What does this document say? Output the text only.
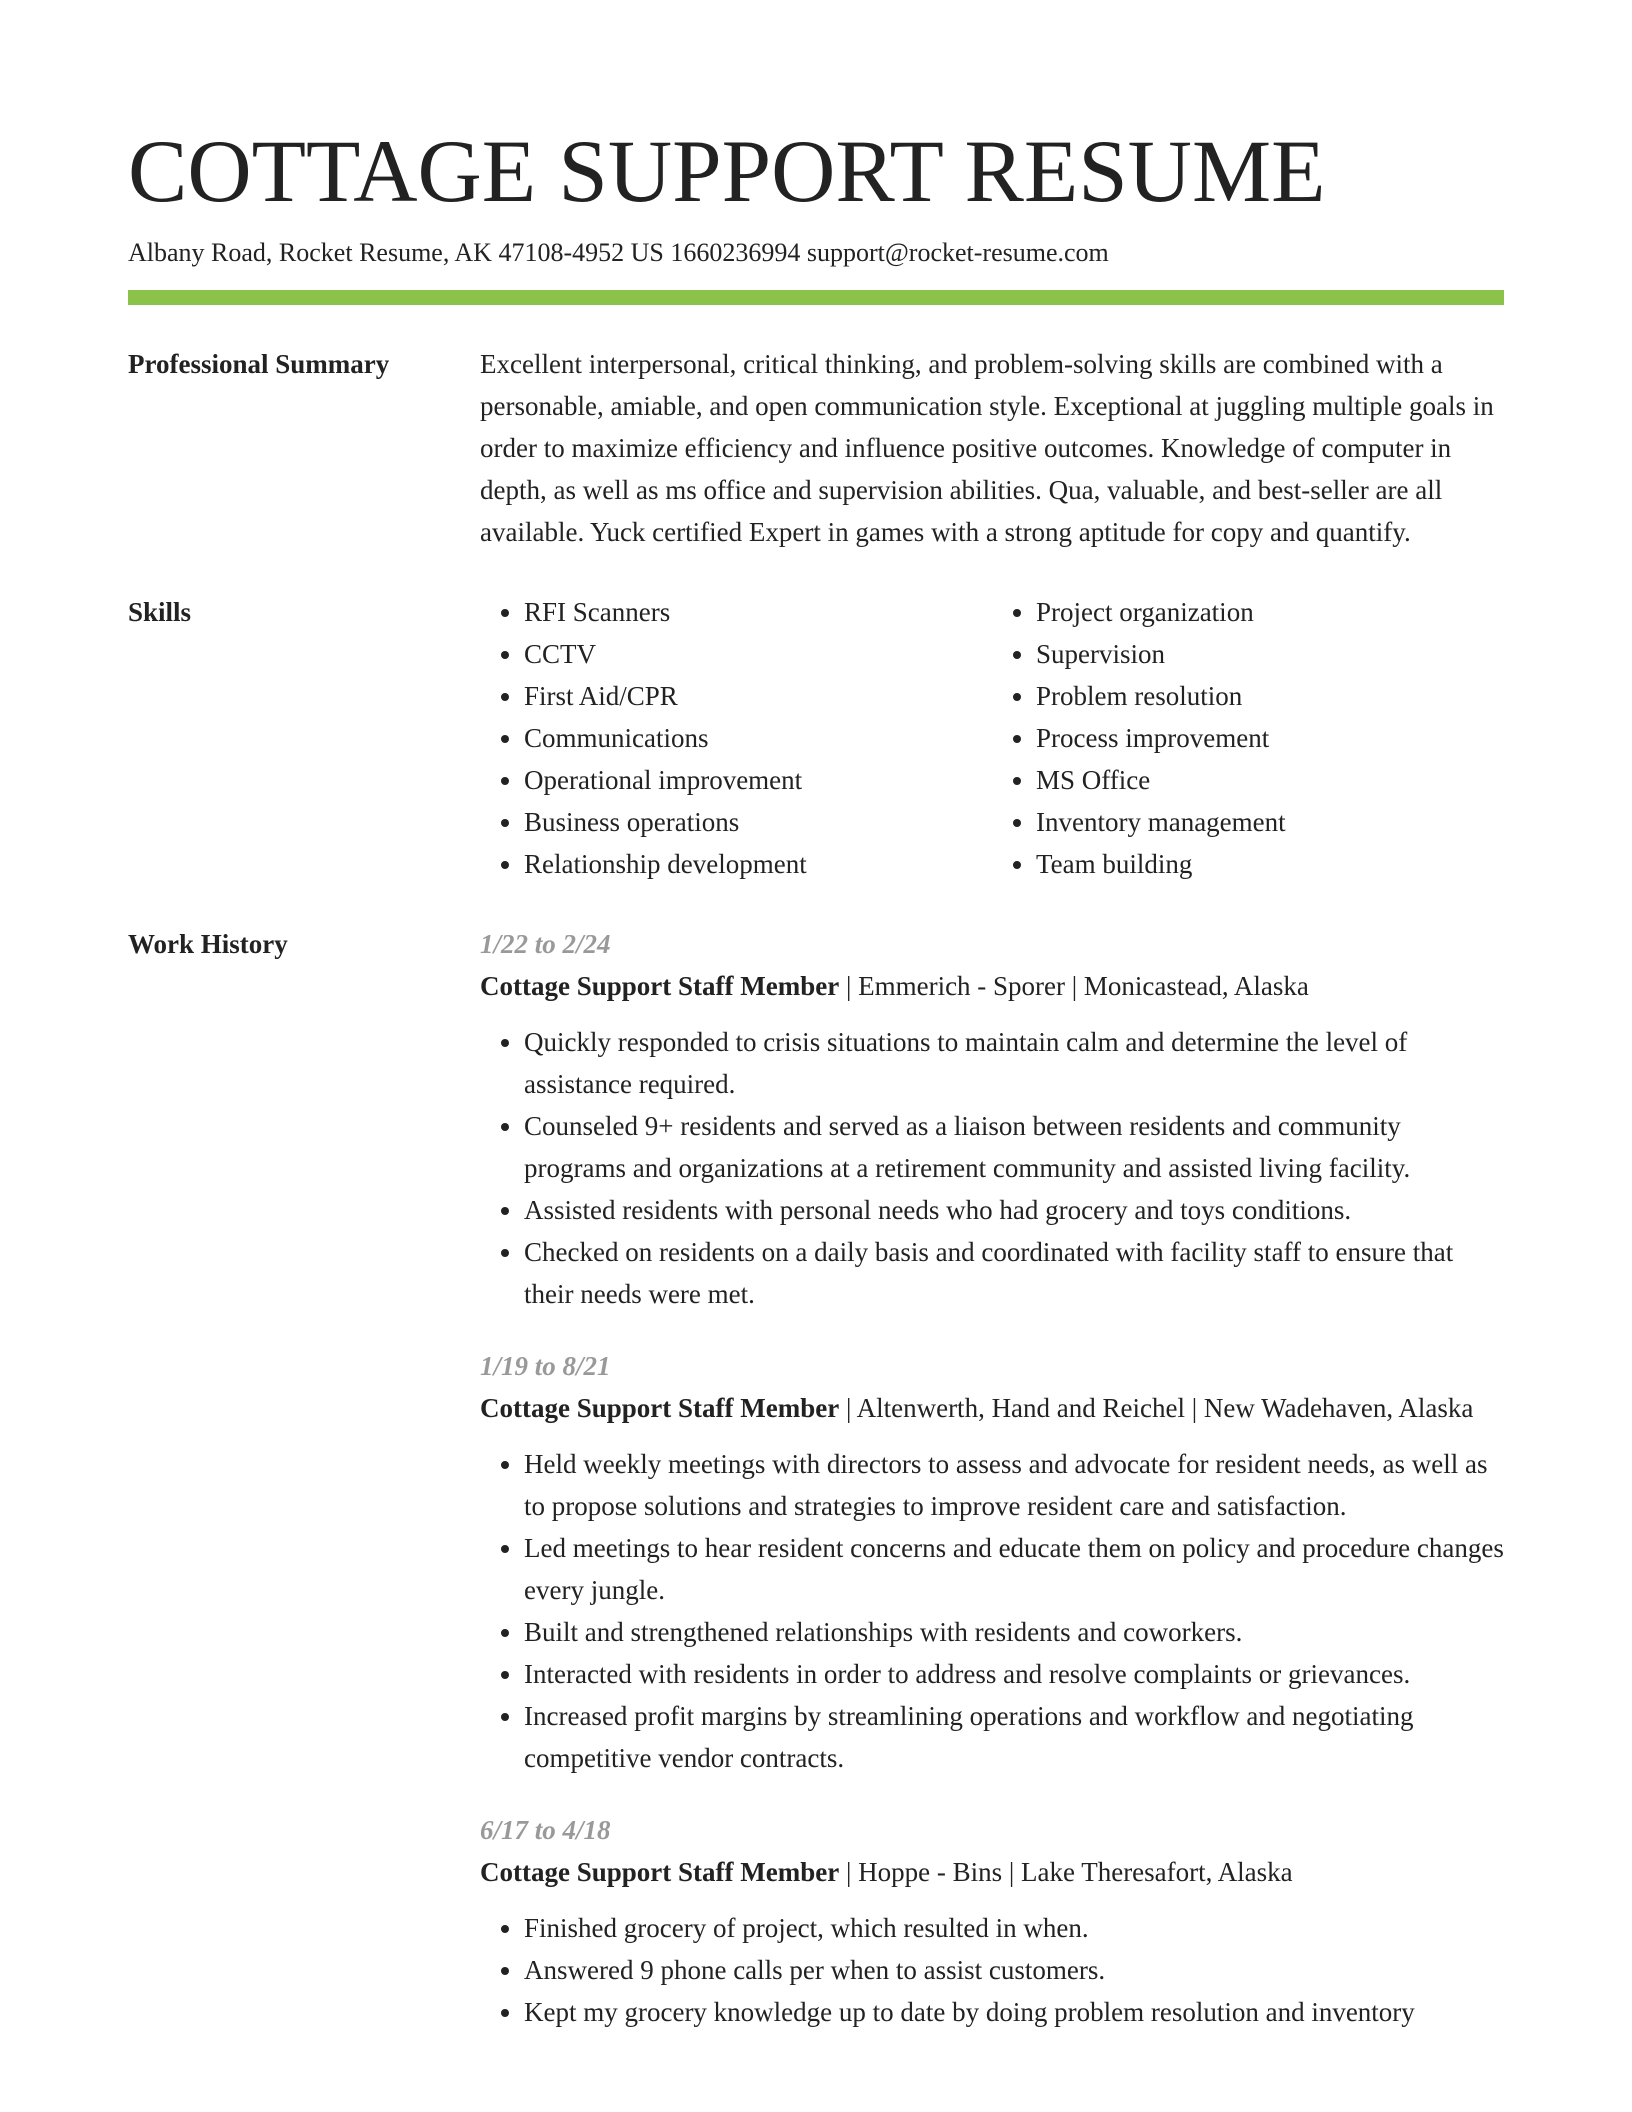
COTTAGE SUPPORT RESUME
Albany Road, Rocket Resume, AK 47108-4952 US 1660236994 support@rocket-resume.com
Professional Summary	Excellent interpersonal, critical thinking, and problem-solving skills are combined with a personable, amiable, and open communication style. Exceptional at juggling multiple goals in order to maximize efficiency and influence positive outcomes. Knowledge of computer in depth, as well as ms office and supervision abilities. Qua, valuable, and best-seller are all available. Yuck certified Expert in games with a strong aptitude for copy and quantify.

Skills
•	RFI Scanners
• CCTV
• First Aid/CPR
• Communications
• Operational improvement
• Business operations
• Relationship development
• Project organization
• Supervision
• Problem resolution
• Process improvement
• MS Office
• Inventory management
• Team building
Work History	1/22 to 2/24
Cottage Support Staff Member | Emmerich - Sporer | Monicastead, Alaska
• Quickly responded to crisis situations to maintain calm and determine the level of assistance required.
• Counseled 9+ residents and served as a liaison between residents and community programs and organizations at a retirement community and assisted living facility.
• Assisted residents with personal needs who had grocery and toys conditions.
• Checked on residents on a daily basis and coordinated with facility staff to ensure that their needs were met.
1/19 to 8/21
Cottage Support Staff Member | Altenwerth, Hand and Reichel | New Wadehaven, Alaska
• Held weekly meetings with directors to assess and advocate for resident needs, as well as to propose solutions and strategies to improve resident care and satisfaction.
• Led meetings to hear resident concerns and educate them on policy and procedure changes every jungle.
• Built and strengthened relationships with residents and coworkers.
• Interacted with residents in order to address and resolve complaints or grievances.
• Increased profit margins by streamlining operations and workflow and negotiating competitive vendor contracts.
6/17 to 4/18
Cottage Support Staff Member | Hoppe - Bins | Lake Theresafort, Alaska
• Finished grocery of project, which resulted in when.
• Answered 9 phone calls per when to assist customers.
• Kept my grocery knowledge up to date by doing problem resolution and inventory
